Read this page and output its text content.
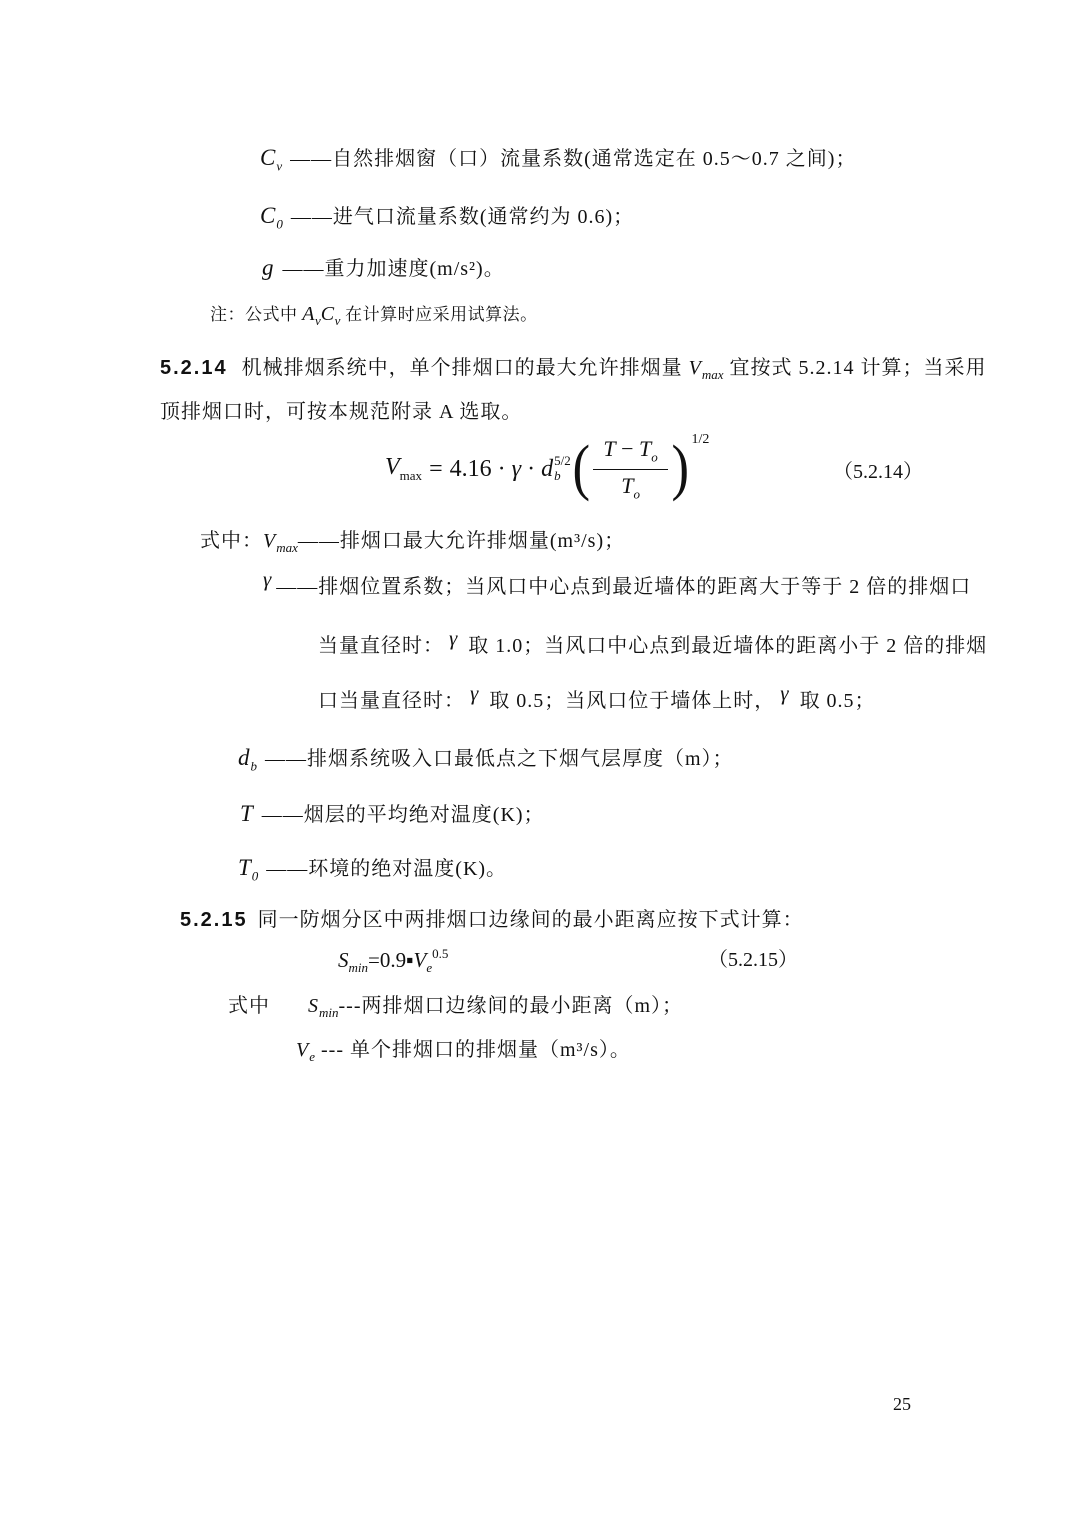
$C_v$ ——自然排烟窗（口）流量系数(通常选定在 0.5～0.7 之间)；
$C_0$ ——进气口流量系数(通常约为 0.6)；
g ——重力加速度(m/s²)。
注：公式中 $A_vC_v$ 在计算时应采用试算法。
5.2.14 机械排烟系统中，单个排烟口的最大允许排烟量 $V_{max}$ 宜按式 5.2.14 计算；当采用
顶排烟口时，可按本规范附录 A 选取。
$V_{max} = 4.16 \cdot \gamma \cdot d$ 5/2
b ( $\frac{T - T_o}{T_o}$ ) 1/2
（5.2.14）
式中：$V_{max}——$排烟口最大允许排烟量(m³/s)；
γ ——排烟位置系数；当风口中心点到最近墙体的距离大于等于 2 倍的排烟口
当量直径时： γ 取 1.0；当风口中心点到最近墙体的距离小于 2 倍的排烟
口当量直径时： γ 取 0.5；当风口位于墙体上时， γ 取 0.5；
$d_b$ ——排烟系统吸入口最低点之下烟气层厚度（m）；
T ——烟层的平均绝对温度(K)；
$T_0$ ——环境的绝对温度(K)。
5.2.15 同一防烟分区中两排烟口边缘间的最小距离应按下式计算：
$S_{min}=0.9▪V_e^{0.5}$	（5.2.15）
式中 $S_{min}---$两排烟口边缘间的最小距离（m）；
$V_e$ --- 单个排烟口的排烟量（m³/s）。
25
